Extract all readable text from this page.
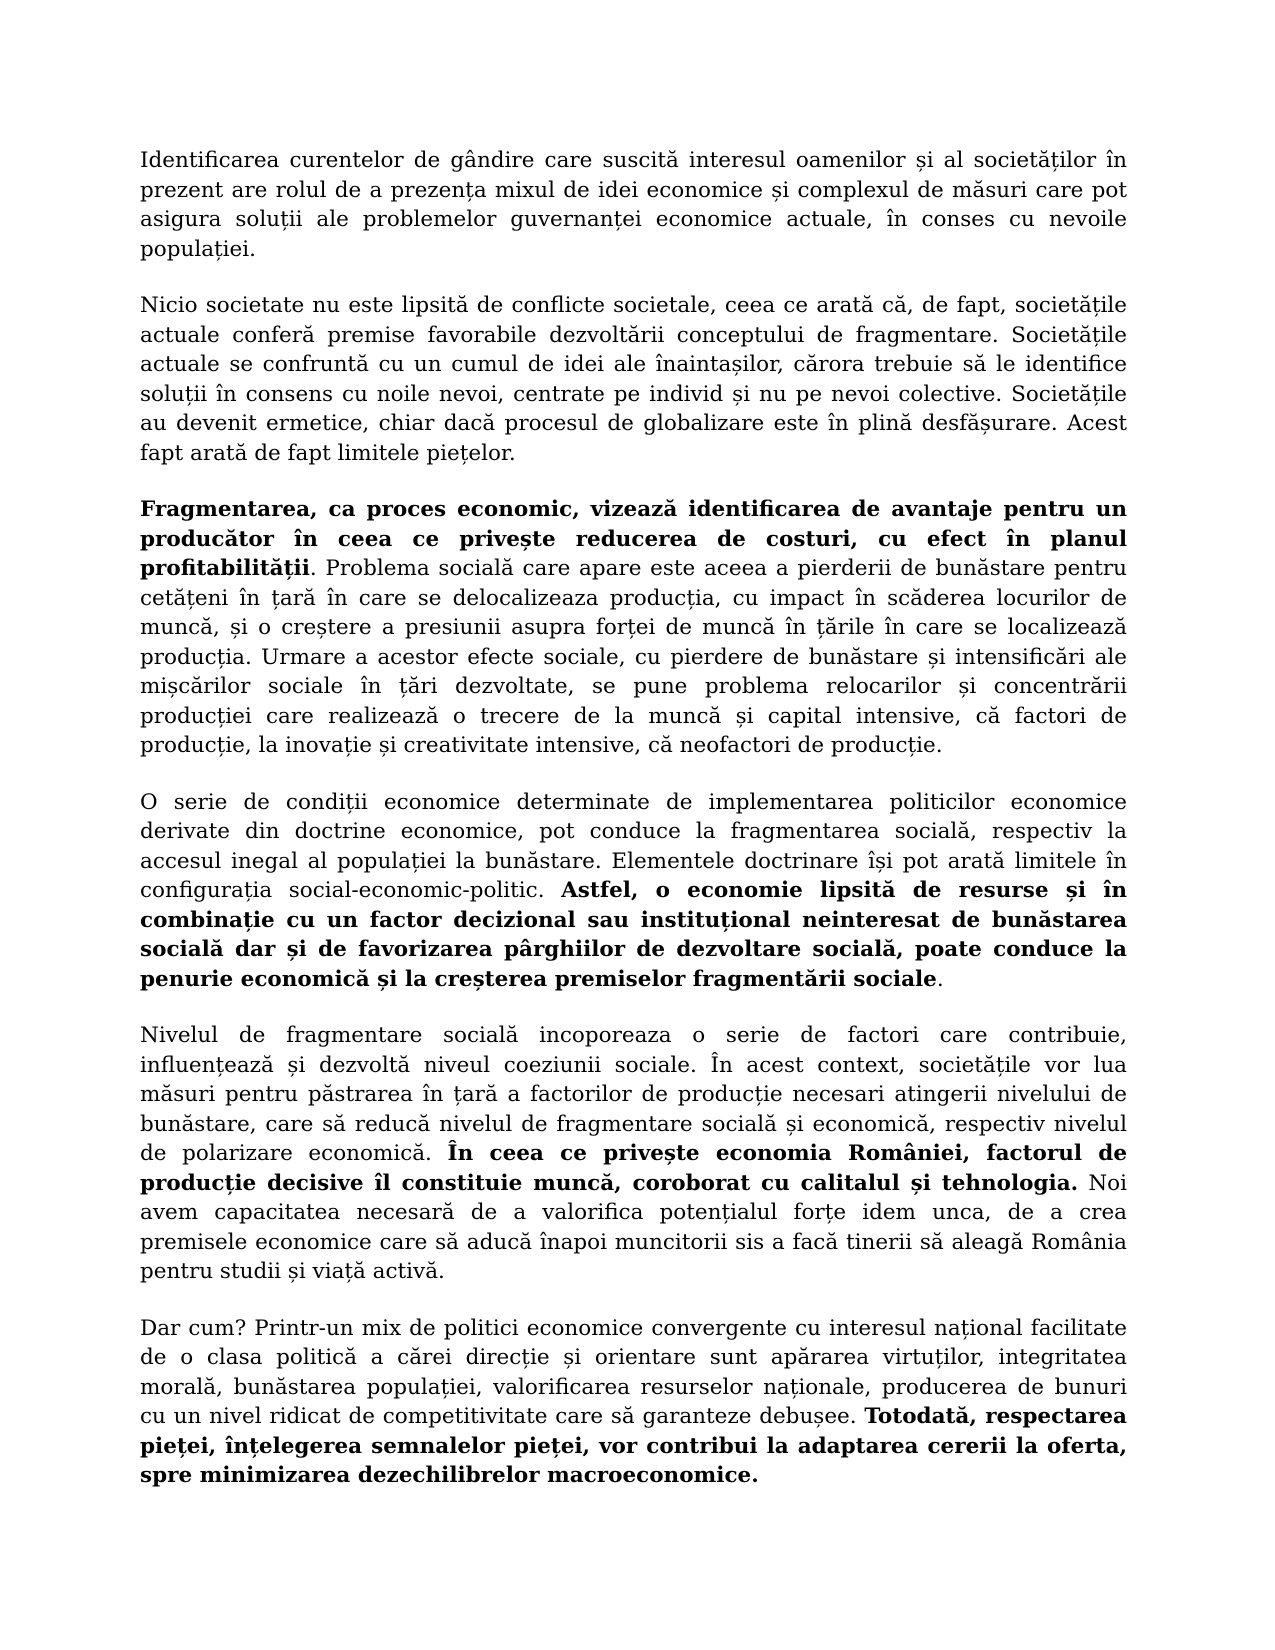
Identificarea curentelor de gândire care suscită interesul oamenilor și al societăților în prezent are rolul de a prezența mixul de idei economice și complexul de măsuri care pot asigura soluții ale problemelor guvernanței economice actuale, în conses cu nevoile populației.

Nicio societate nu este lipsită de conflicte societale, ceea ce arată că, de fapt, societățile actuale conferă premise favorabile dezvoltării conceptului de fragmentare. Societățile actuale se confruntă cu un cumul de idei ale înaintașilor, cărora trebuie să le identifice soluții în consens cu noile nevoi, centrate pe individ și nu pe nevoi colective. Societățile au devenit ermetice, chiar dacă procesul de globalizare este în plină desfășurare. Acest fapt arată de fapt limitele piețelor.

Fragmentarea, ca proces economic, vizează identificarea de avantaje pentru un producător în ceea ce privește reducerea de costuri, cu efect în planul profitabilității. Problema socială care apare este aceea a pierderii de bunăstare pentru cetățeni în țară în care se delocalizeaza producția, cu impact în scăderea locurilor de muncă, și o creștere a presiunii asupra forței de muncă în țările în care se localizează producția. Urmare a acestor efecte sociale, cu pierdere de bunăstare și intensificări ale mișcărilor sociale în țări dezvoltate, se pune problema relocarilor și concentrării producției care realizează o trecere de la muncă și capital intensive, că factori de producție, la inovație și creativitate intensive, că neofactori de producție.

O serie de condiții economice determinate de implementarea politicilor economice derivate din doctrine economice, pot conduce la fragmentarea socială, respectiv la accesul inegal al populației la bunăstare. Elementele doctrinare își pot arată limitele în configurația social-economic-politic. Astfel, o economie lipsită de resurse și în combinație cu un factor decizional sau instituțional neinteresat de bunăstarea socială dar și de favorizarea pârghiilor de dezvoltare socială, poate conduce la penurie economică și la creșterea premiselor fragmentării sociale.

Nivelul de fragmentare socială incoporeaza o serie de factori care contribuie, influențează și dezvoltă niveul coeziunii sociale. În acest context, societățile vor lua măsuri pentru păstrarea în țară a factorilor de producție necesari atingerii nivelului de bunăstare, care să reducă nivelul de fragmentare socială și economică, respectiv nivelul de polarizare economică. În ceea ce privește economia României, factorul de producție decisive îl constituie muncă, coroborat cu calitalul și tehnologia. Noi avem capacitatea necesară de a valorifica potențialul forțe idem unca, de a crea premisele economice care să aducă înapoi muncitorii sis a facă tinerii să aleagă România pentru studii și viață activă.

Dar cum? Printr-un mix de politici economice convergente cu interesul național facilitate de o clasa politică a cărei direcție și orientare sunt apărarea virtuților, integritatea morală, bunăstarea populației, valorificarea resurselor naționale, producerea de bunuri cu un nivel ridicat de competitivitate care să garanteze debușee. Totodată, respectarea pieței, înțelegerea semnalelor pieței, vor contribui la adaptarea cererii la oferta, spre minimizarea dezechilibrelor macroeconomice.
